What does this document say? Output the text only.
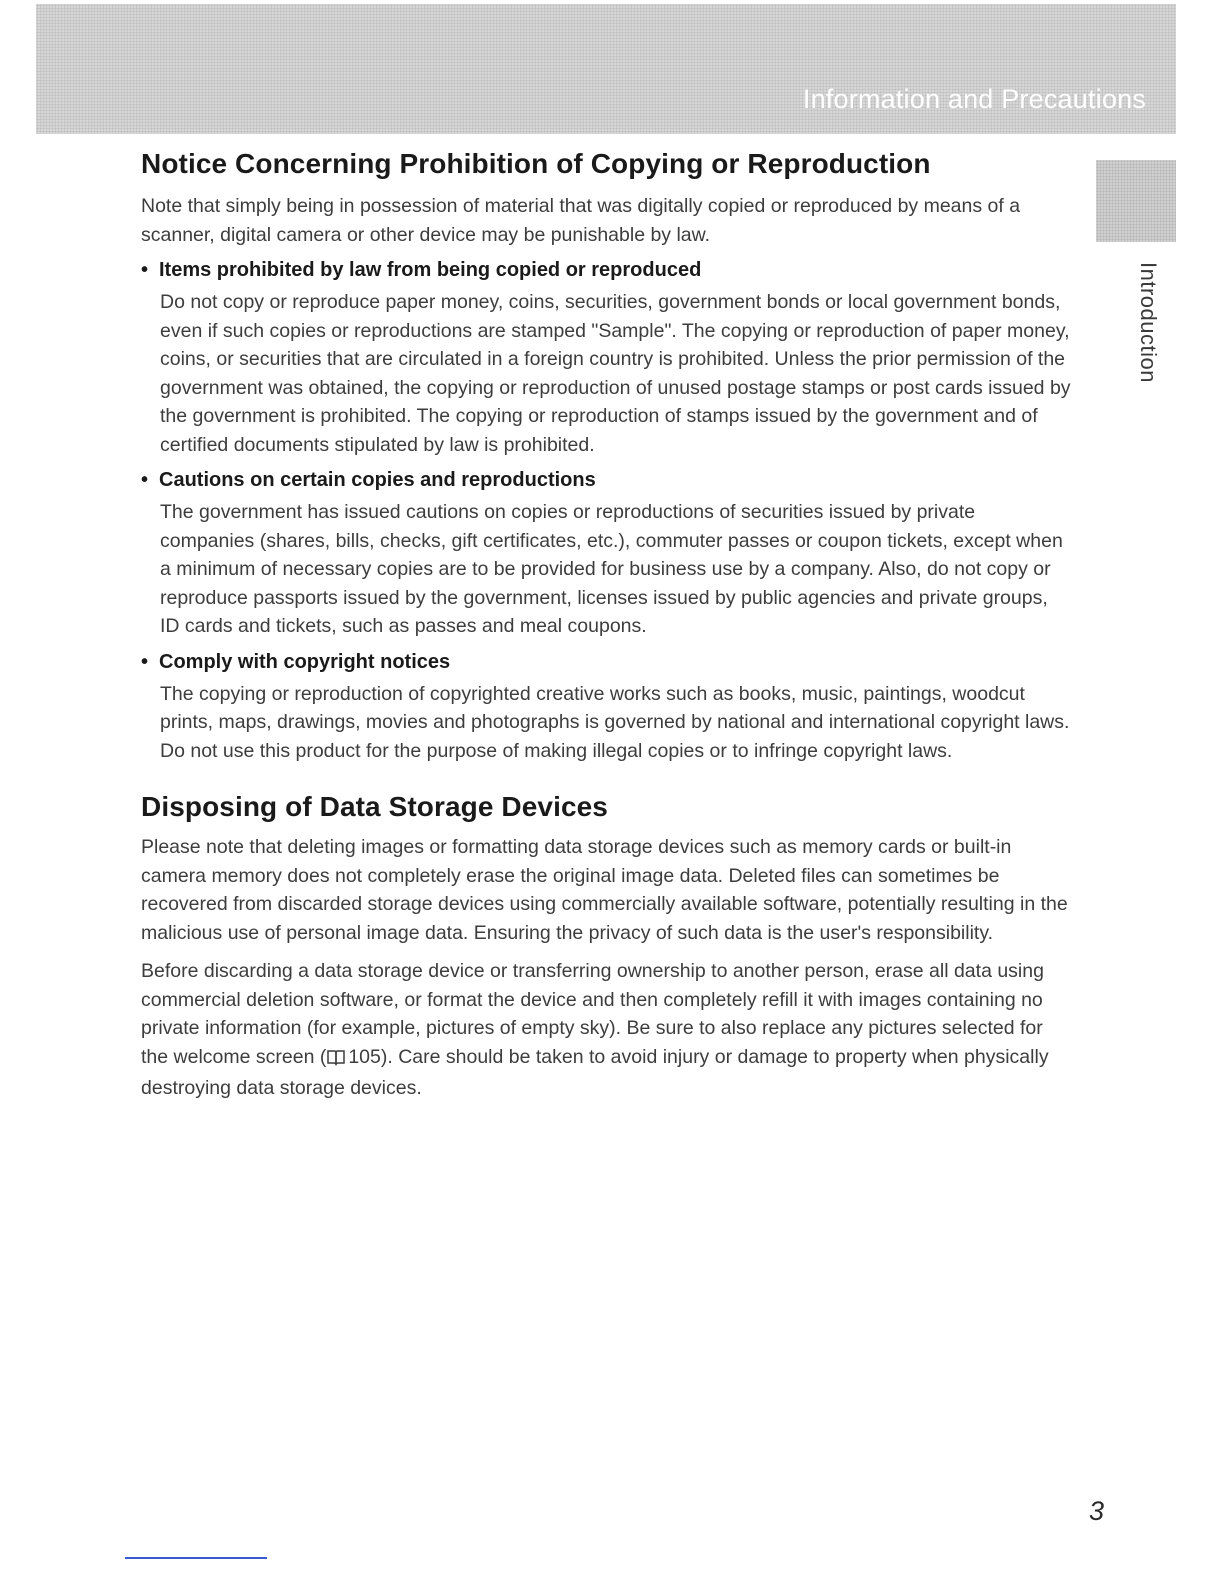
Information and Precautions
Introduction
Notice Concerning Prohibition of Copying or Reproduction

Note that simply being in possession of material that was digitally copied or reproduced by means of a scanner, digital camera or other device may be punishable by law.

• Items prohibited by law from being copied or reproduced

Do not copy or reproduce paper money, coins, securities, government bonds or local government bonds, even if such copies or reproductions are stamped "Sample". The copying or reproduction of paper money, coins, or securities that are circulated in a foreign country is prohibited. Unless the prior permission of the government was obtained, the copying or reproduction of unused postage stamps or post cards issued by the government is prohibited. The copying or reproduction of stamps issued by the government and of certified documents stipulated by law is prohibited.

• Cautions on certain copies and reproductions

The government has issued cautions on copies or reproductions of securities issued by private companies (shares, bills, checks, gift certificates, etc.), commuter passes or coupon tickets, except when a minimum of necessary copies are to be provided for business use by a company. Also, do not copy or reproduce passports issued by the government, licenses issued by public agencies and private groups, ID cards and tickets, such as passes and meal coupons.

• Comply with copyright notices

The copying or reproduction of copyrighted creative works such as books, music, paintings, woodcut prints, maps, drawings, movies and photographs is governed by national and international copyright laws. Do not use this product for the purpose of making illegal copies or to infringe copyright laws.

Disposing of Data Storage Devices

Please note that deleting images or formatting data storage devices such as memory cards or built-in camera memory does not completely erase the original image data. Deleted files can sometimes be recovered from discarded storage devices using commercially available software, potentially resulting in the malicious use of personal image data. Ensuring the privacy of such data is the user's responsibility.

Before discarding a data storage device or transferring ownership to another person, erase all data using commercial deletion software, or format the device and then completely refill it with images containing no private information (for example, pictures of empty sky). Be sure to also replace any pictures selected for the welcome screen ( 105). Care should be taken to avoid injury or damage to property when physically destroying data storage devices.

3
